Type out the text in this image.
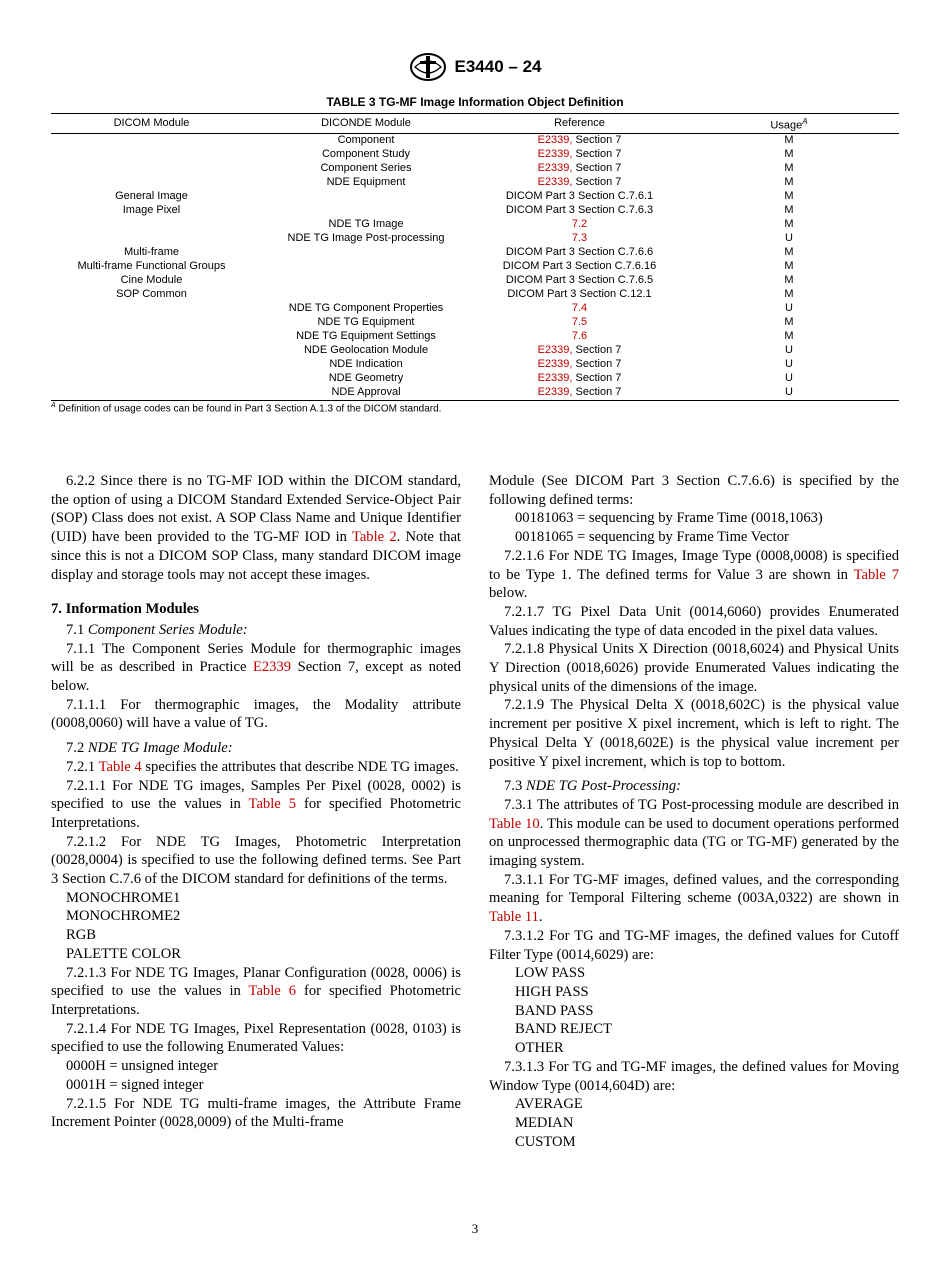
E3440 – 24
TABLE 3 TG-MF Image Information Object Definition
DICOM Module	DICONDE Module	Reference	Usage$^A$
	Component	E2339, Section 7	M
	Component Study	E2339, Section 7	M
	Component Series	E2339, Section 7	M
	NDE Equipment	E2339, Section 7	M
General Image		DICOM Part 3 Section C.7.6.1	M
Image Pixel		DICOM Part 3 Section C.7.6.3	M
	NDE TG Image	7.2	M
	NDE TG Image Post-processing	7.3	U
Multi-frame		DICOM Part 3 Section C.7.6.6	M
Multi-frame Functional Groups		DICOM Part 3 Section C.7.6.16	M
Cine Module		DICOM Part 3 Section C.7.6.5	M
SOP Common		DICOM Part 3 Section C.12.1	M
	NDE TG Component Properties	7.4	U
	NDE TG Equipment	7.5	M
	NDE TG Equipment Settings	7.6	M
	NDE Geolocation Module	E2339, Section 7	U
	NDE Indication	E2339, Section 7	U
	NDE Geometry	E2339, Section 7	U
	NDE Approval	E2339, Section 7	U
$^A$ Definition of usage codes can be found in Part 3 Section A.1.3 of the DICOM standard.

6.2.2 Since there is no TG-MF IOD within the DICOM standard, the option of using a DICOM Standard Extended Service-Object Pair (SOP) Class does not exist. A SOP Class Name and Unique Identifier (UID) have been provided to the TG-MF IOD in Table 2. Note that since this is not a DICOM SOP Class, many standard DICOM image display and storage tools may not accept these images.

7. Information Modules

7.1 Component Series Module:

7.1.1 The Component Series Module for thermographic images will be as described in Practice E2339 Section 7, except as noted below.

7.1.1.1 For thermographic images, the Modality attribute (0008,0060) will have a value of TG.

7.2 NDE TG Image Module:

7.2.1 Table 4 specifies the attributes that describe NDE TG images.

7.2.1.1 For NDE TG images, Samples Per Pixel (0028, 0002) is specified to use the values in Table 5 for specified Photometric Interpretations.

7.2.1.2 For NDE TG Images, Photometric Interpretation (0028,0004) is specified to use the following defined terms. See Part 3 Section C.7.6 of the DICOM standard for definitions of the terms.

MONOCHROME1

MONOCHROME2

RGB

PALETTE COLOR

7.2.1.3 For NDE TG Images, Planar Configuration (0028, 0006) is specified to use the values in Table 6 for specified Photometric Interpretations.

7.2.1.4 For NDE TG Images, Pixel Representation (0028, 0103) is specified to use the following Enumerated Values:

0000H = unsigned integer

0001H = signed integer

7.2.1.5 For NDE TG multi-frame images, the Attribute Frame Increment Pointer (0028,0009) of the Multi-frame

Module (See DICOM Part 3 Section C.7.6.6) is specified by the following defined terms:

00181063 = sequencing by Frame Time (0018,1063)

00181065 = sequencing by Frame Time Vector

7.2.1.6 For NDE TG Images, Image Type (0008,0008) is specified to be Type 1. The defined terms for Value 3 are shown in Table 7 below.

7.2.1.7 TG Pixel Data Unit (0014,6060) provides Enumerated Values indicating the type of data encoded in the pixel data values.

7.2.1.8 Physical Units X Direction (0018,6024) and Physical Units Y Direction (0018,6026) provide Enumerated Values indicating the physical units of the dimensions of the image.

7.2.1.9 The Physical Delta X (0018,602C) is the physical value increment per positive X pixel increment, which is left to right. The Physical Delta Y (0018,602E) is the physical value increment per positive Y pixel increment, which is top to bottom.

7.3 NDE TG Post-Processing:

7.3.1 The attributes of TG Post-processing module are described in Table 10. This module can be used to document operations performed on unprocessed thermographic data (TG or TG-MF) generated by the imaging system.

7.3.1.1 For TG-MF images, defined values, and the corresponding meaning for Temporal Filtering scheme (003A,0322) are shown in Table 11.

7.3.1.2 For TG and TG-MF images, the defined values for Cutoff Filter Type (0014,6029) are:

LOW PASS

HIGH PASS

BAND PASS

BAND REJECT

OTHER

7.3.1.3 For TG and TG-MF images, the defined values for Moving Window Type (0014,604D) are:

AVERAGE

MEDIAN

CUSTOM

3
